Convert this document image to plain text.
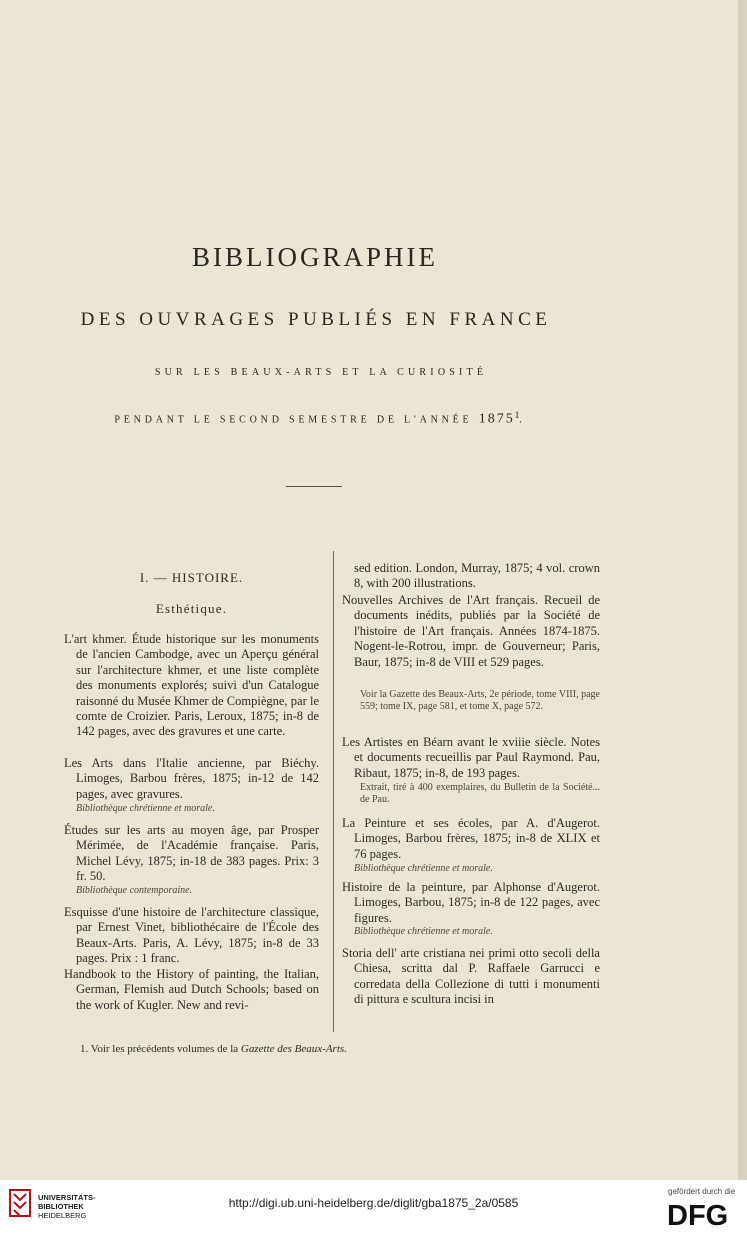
BIBLIOGRAPHIE
DES OUVRAGES PUBLIÉS EN FRANCE
SUR LES BEAUX-ARTS ET LA CURIOSITÉ
PENDANT LE SECOND SEMESTRE DE L'ANNÉE 1875$^1$.
I. — HISTOIRE.
Esthétique.
L'art khmer. Étude historique sur les monuments de l'ancien Cambodge, avec un Aperçu général sur l'architecture khmer, et une liste complète des monuments explorés; suivi d'un Catalogue raisonné du Musée Khmer de Compiègne, par le comte de Croizier. Paris, Leroux, 1875; in-8 de 142 pages, avec des gravures et une carte.
Les Arts dans l'Italie ancienne, par Biéchy. Limoges, Barbou frères, 1875; in-12 de 142 pages, avec gravures.
Bibliothèque chrétienne et morale.
Études sur les arts au moyen âge, par Prosper Mérimée, de l'Académie française. Paris, Michel Lévy, 1875; in-18 de 383 pages. Prix: 3 fr. 50.
Bibliothèque contemporaine.
Esquisse d'une histoire de l'architecture classique, par Ernest Vinet, bibliothécaire de l'École des Beaux-Arts. Paris, A. Lévy, 1875; in-8 de 33 pages. Prix : 1 franc.
Handbook to the History of painting, the Italian, German, Flemish aud Dutch Schools; based on the work of Kugler. New and revi-
sed edition. London, Murray, 1875; 4 vol. crown 8, with 200 illustrations.
Nouvelles Archives de l'Art français. Recueil de documents inédits, publiés par la Société de l'histoire de l'Art français. Années 1874-1875. Nogent-le-Rotrou, impr. de Gouverneur; Paris, Baur, 1875; in-8 de VIII et 529 pages.
Voir la Gazette des Beaux-Arts, 2e période, tome VIII, page 559; tome IX, page 581, et tome X, page 572.
Les Artistes en Béarn avant le xviiie siècle. Notes et documents recueillis par Paul Raymond. Pau, Ribaut, 1875; in-8, de 193 pages.
Extrait, tiré à 400 exemplaires, du Bulletin de la Société... de Pau.
La Peinture et ses écoles, par A. d'Augerot. Limoges, Barbou frères, 1875; in-8 de XLIX et 76 pages.
Bibliothèque chrétienne et morale.
Histoire de la peinture, par Alphonse d'Augerot. Limoges, Barbou, 1875; in-8 de 122 pages, avec figures.
Bibliothèque chrétienne et morale.
Storia dell' arte cristiana nei primi otto secoli della Chiesa, scritta dal P. Raffaele Garrucci e corredata della Collezione di tutti i monumenti di pittura e scultura incisi in
1. Voir les précédents volumes de la Gazette des Beaux-Arts.
UNIVERSITÄTS-
BIBLIOTHEK
HEIDELBERG
http://digi.ub.uni-heidelberg.de/diglit/gba1875_2a/0585
gefördert durch die
DFG
